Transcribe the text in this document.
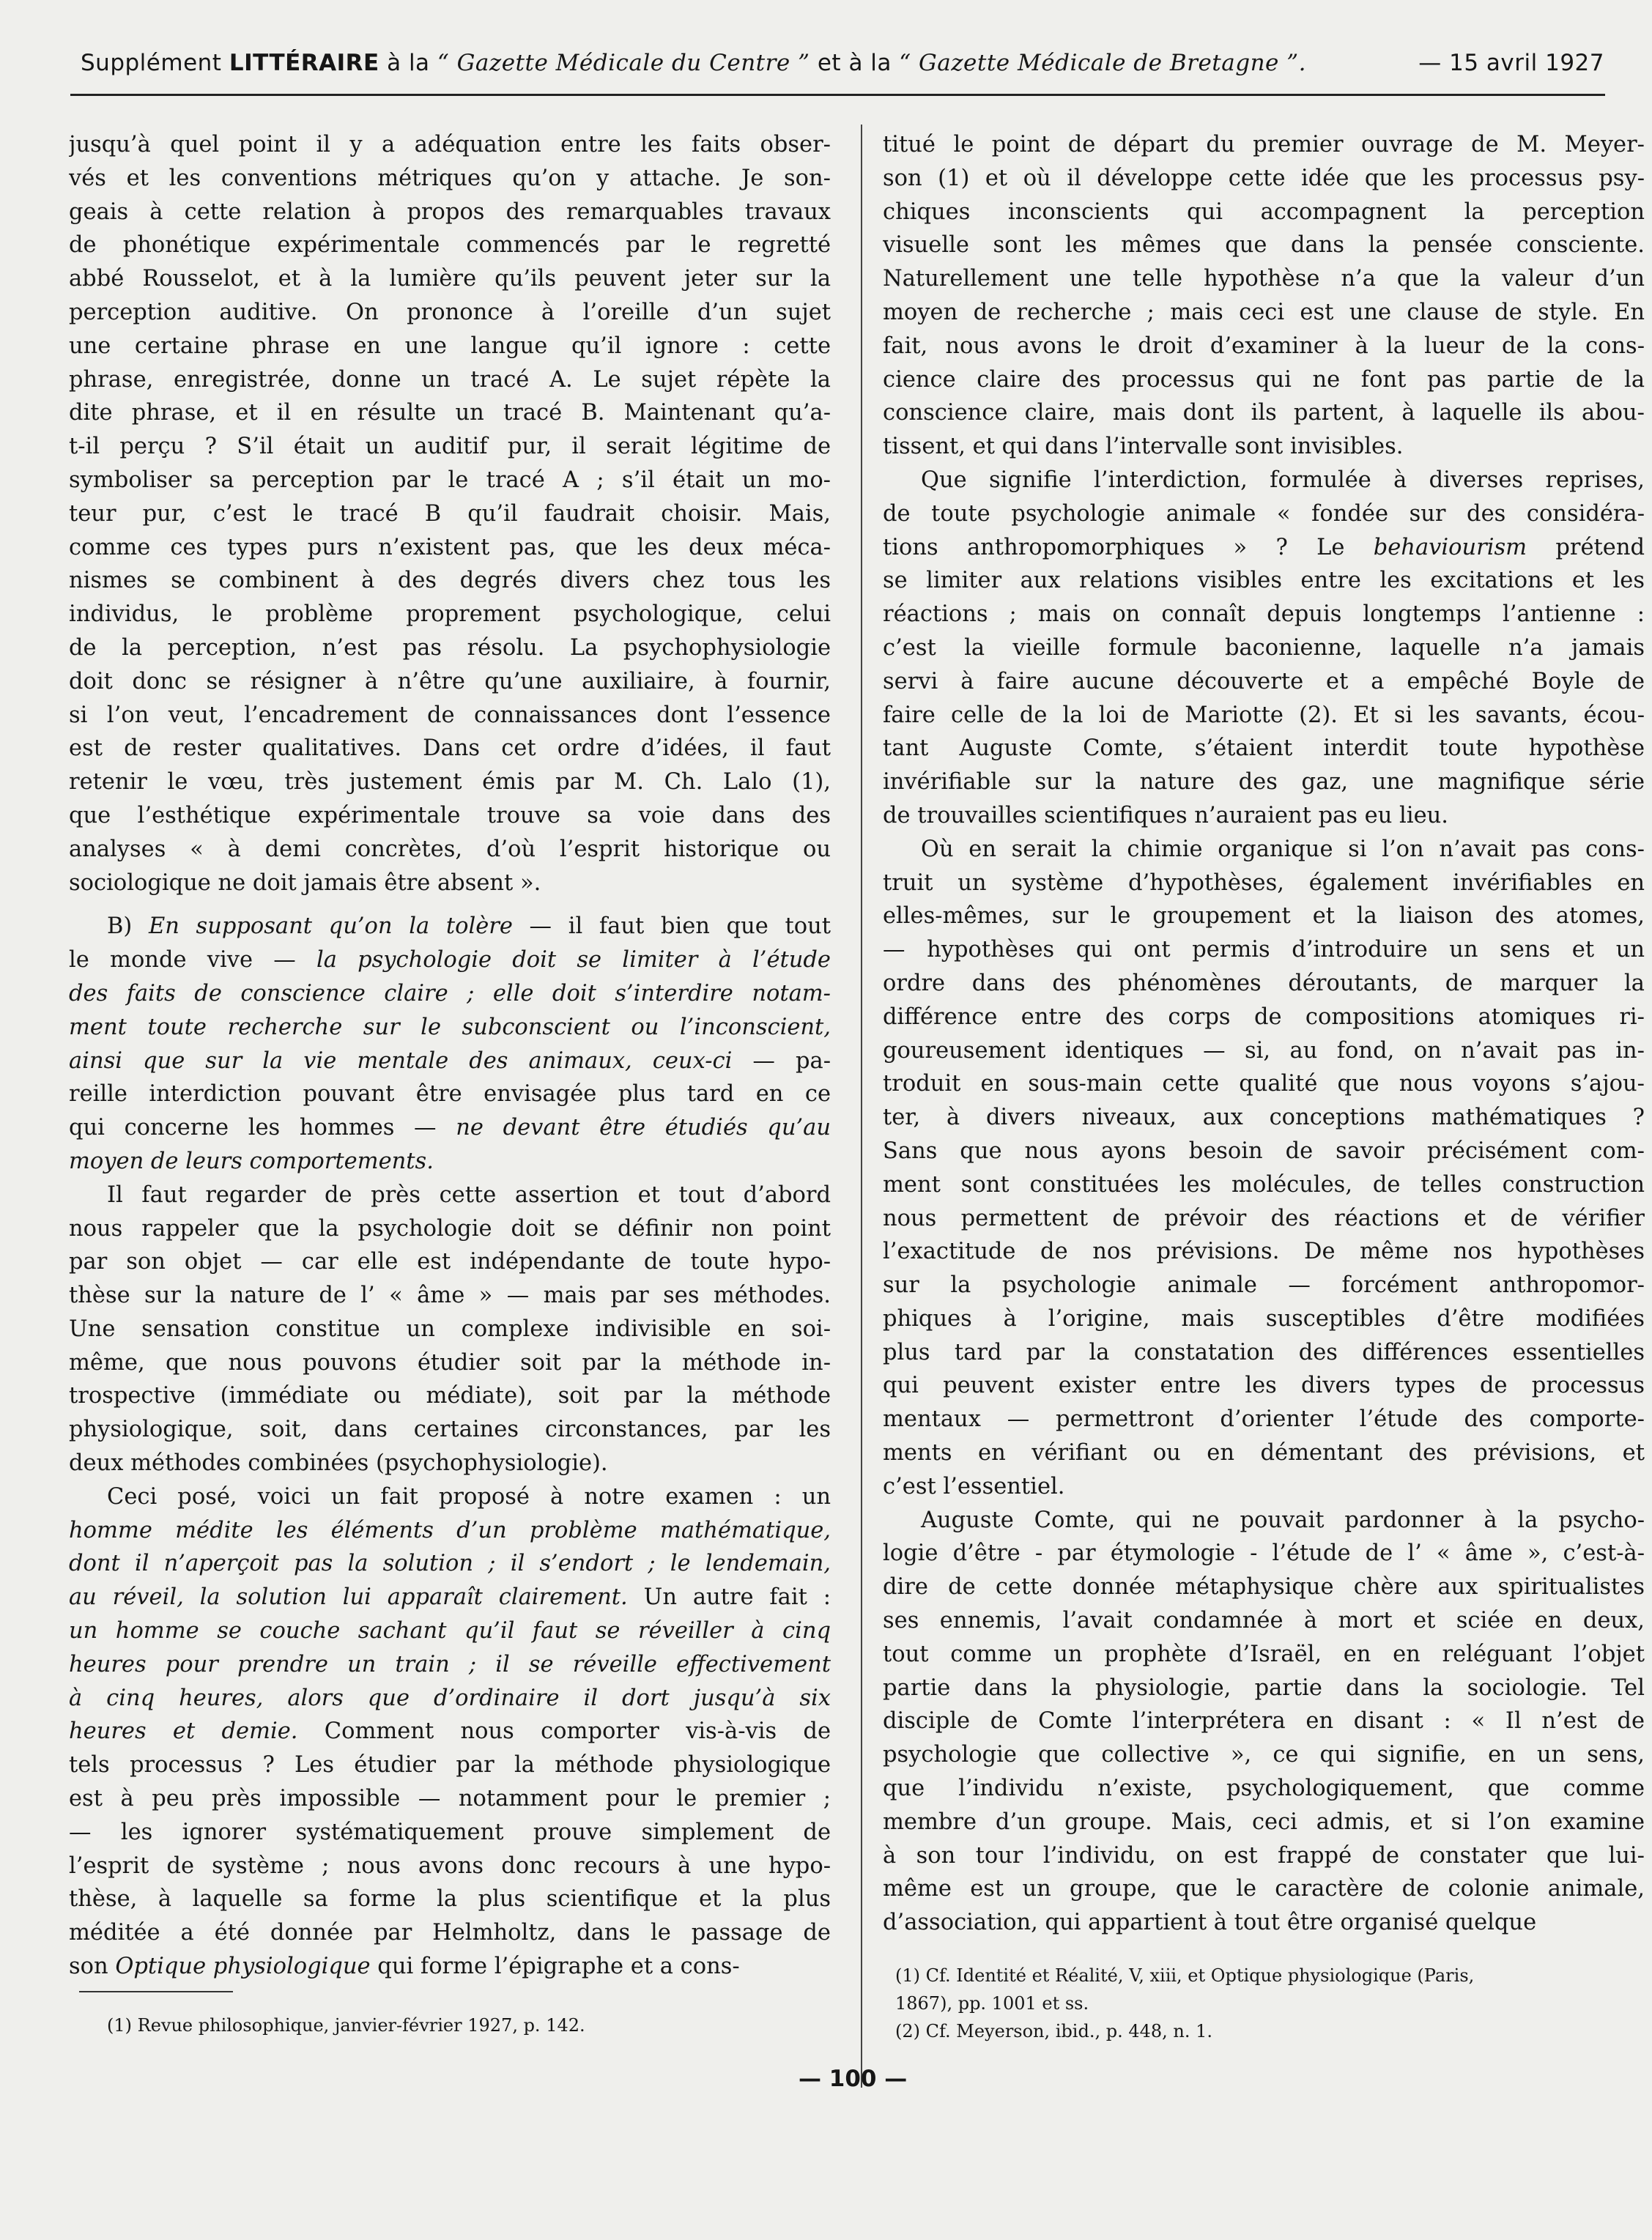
Supplément LITTÉRAIRE à la “ Gazette Médicale du Centre ” et à la “ Gazette Médicale de Bretagne ”.	— 15 avril 1927
jusqu’à quel point il y a adéquation entre les faits obser-
vés et les conventions métriques qu’on y attache. Je son-
geais à cette relation à propos des remarquables travaux
de phonétique expérimentale commencés par le regretté
abbé Rousselot, et à la lumière qu’ils peuvent jeter sur la
perception auditive. On prononce à l’oreille d’un sujet
une certaine phrase en une langue qu’il ignore : cette
phrase, enregistrée, donne un tracé A. Le sujet répète la
dite phrase, et il en résulte un tracé B. Maintenant qu’a-
t-il perçu ? S’il était un auditif pur, il serait légitime de
symboliser sa perception par le tracé A ; s’il était un mo-
teur pur, c’est le tracé B qu’il faudrait choisir. Mais,
comme ces types purs n’existent pas, que les deux méca-
nismes se combinent à des degrés divers chez tous les
individus, le problème proprement psychologique, celui
de la perception, n’est pas résolu. La psychophysiologie
doit donc se résigner à n’être qu’une auxiliaire, à fournir,
si l’on veut, l’encadrement de connaissances dont l’essence
est de rester qualitatives. Dans cet ordre d’idées, il faut
retenir le vœu, très justement émis par M. Ch. Lalo (1),
que l’esthétique expérimentale trouve sa voie dans des
analyses « à demi concrètes, d’où l’esprit historique ou
sociologique ne doit jamais être absent ».
B) En supposant qu’on la tolère — il faut bien que tout
le monde vive — la psychologie doit se limiter à l’étude
des faits de conscience claire ; elle doit s’interdire notam-
ment toute recherche sur le subconscient ou l’inconscient,
ainsi que sur la vie mentale des animaux, ceux-ci — pa-
reille interdiction pouvant être envisagée plus tard en ce
qui concerne les hommes — ne devant être étudiés qu’au
moyen de leurs comportements.
Il faut regarder de près cette assertion et tout d’abord
nous rappeler que la psychologie doit se définir non point
par son objet — car elle est indépendante de toute hypo-
thèse sur la nature de l’ « âme » — mais par ses méthodes.
Une sensation constitue un complexe indivisible en soi-
même, que nous pouvons étudier soit par la méthode in-
trospective (immédiate ou médiate), soit par la méthode
physiologique, soit, dans certaines circonstances, par les
deux méthodes combinées (psychophysiologie).
Ceci posé, voici un fait proposé à notre examen : un
homme médite les éléments d’un problème mathématique,
dont il n’aperçoit pas la solution ; il s’endort ; le lendemain,
au réveil, la solution lui apparaît clairement. Un autre fait :
un homme se couche sachant qu’il faut se réveiller à cinq
heures pour prendre un train ; il se réveille effectivement
à cinq heures, alors que d’ordinaire il dort jusqu’à six
heures et demie. Comment nous comporter vis-à-vis de
tels processus ? Les étudier par la méthode physiologique
est à peu près impossible — notamment pour le premier ;
— les ignorer systématiquement prouve simplement de
l’esprit de système ; nous avons donc recours à une hypo-
thèse, à laquelle sa forme la plus scientifique et la plus
méditée a été donnée par Helmholtz, dans le passage de
son Optique physiologique qui forme l’épigraphe et a cons-
titué le point de départ du premier ouvrage de M. Meyer-
son (1) et où il développe cette idée que les processus psy-
chiques inconscients qui accompagnent la perception
visuelle sont les mêmes que dans la pensée consciente.
Naturellement une telle hypothèse n’a que la valeur d’un
moyen de recherche ; mais ceci est une clause de style. En
fait, nous avons le droit d’examiner à la lueur de la cons-
cience claire des processus qui ne font pas partie de la
conscience claire, mais dont ils partent, à laquelle ils abou-
tissent, et qui dans l’intervalle sont invisibles.
Que signifie l’interdiction, formulée à diverses reprises,
de toute psychologie animale « fondée sur des considéra-
tions anthropomorphiques » ? Le behaviourism prétend
se limiter aux relations visibles entre les excitations et les
réactions ; mais on connaît depuis longtemps l’antienne :
c’est la vieille formule baconienne, laquelle n’a jamais
servi à faire aucune découverte et a empêché Boyle de
faire celle de la loi de Mariotte (2). Et si les savants, écou-
tant Auguste Comte, s’étaient interdit toute hypothèse
invérifiable sur la nature des gaz, une magnifique série
de trouvailles scientifiques n’auraient pas eu lieu.
Où en serait la chimie organique si l’on n’avait pas cons-
truit un système d’hypothèses, également invérifiables en
elles-mêmes, sur le groupement et la liaison des atomes,
— hypothèses qui ont permis d’introduire un sens et un
ordre dans des phénomènes déroutants, de marquer la
différence entre des corps de compositions atomiques ri-
goureusement identiques — si, au fond, on n’avait pas in-
troduit en sous-main cette qualité que nous voyons s’ajou-
ter, à divers niveaux, aux conceptions mathématiques ?
Sans que nous ayons besoin de savoir précisément com-
ment sont constituées les molécules, de telles construction
nous permettent de prévoir des réactions et de vérifier
l’exactitude de nos prévisions. De même nos hypothèses
sur la psychologie animale — forcément anthropomor-
phiques à l’origine, mais susceptibles d’être modifiées
plus tard par la constatation des différences essentielles
qui peuvent exister entre les divers types de processus
mentaux — permettront d’orienter l’étude des comporte-
ments en vérifiant ou en démentant des prévisions, et
c’est l’essentiel.
Auguste Comte, qui ne pouvait pardonner à la psycho-
logie d’être - par étymologie - l’étude de l’ « âme », c’est-à-
dire de cette donnée métaphysique chère aux spiritualistes
ses ennemis, l’avait condamnée à mort et sciée en deux,
tout comme un prophète d’Israël, en en reléguant l’objet
partie dans la physiologie, partie dans la sociologie. Tel
disciple de Comte l’interprétera en disant : « Il n’est de
psychologie que collective », ce qui signifie, en un sens,
que l’individu n’existe, psychologiquement, que comme
membre d’un groupe. Mais, ceci admis, et si l’on examine
à son tour l’individu, on est frappé de constater que lui-
même est un groupe, que le caractère de colonie animale,
d’association, qui appartient à tout être organisé quelque
(1) Revue philosophique, janvier-février 1927, p. 142.
(1) Cf. Identité et Réalité, V, xiii, et Optique physiologique (Paris,
1867), pp. 1001 et ss.
(2) Cf. Meyerson, ibid., p. 448, n. 1.
— 100 —
